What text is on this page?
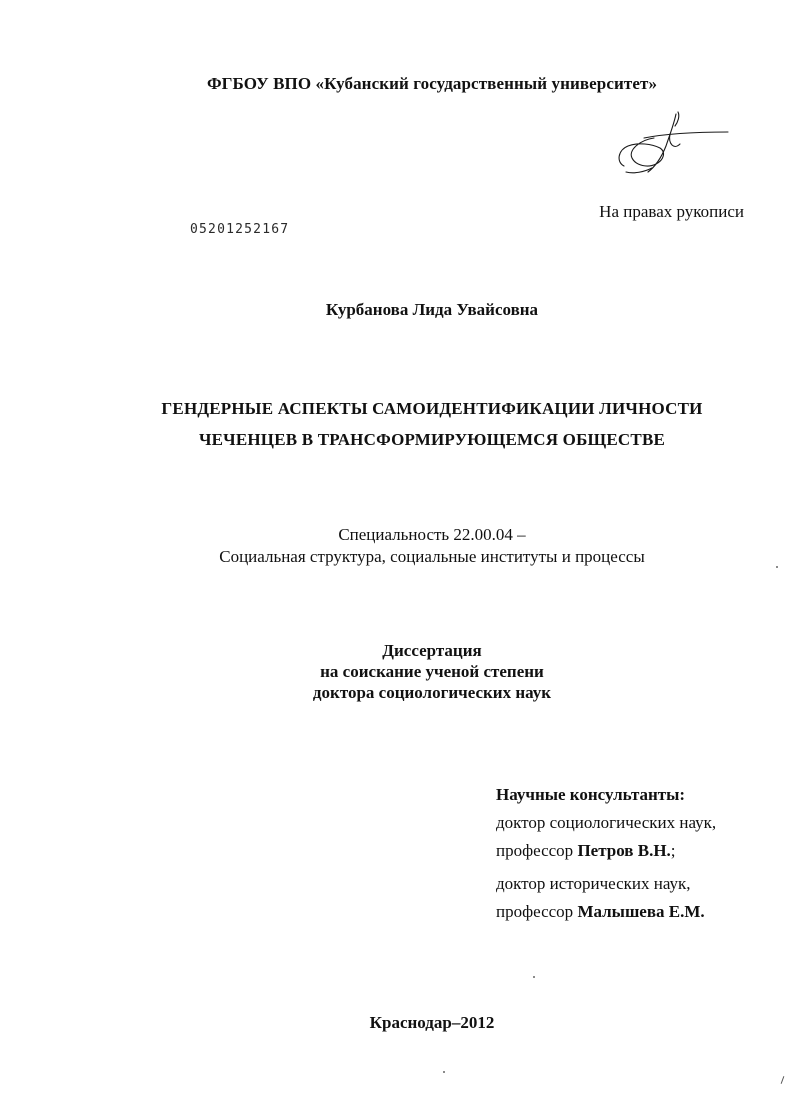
ФГБОУ ВПО «Кубанский государственный университет»
На правах рукописи
05201252167
Курбанова Лида Увайсовна
ГЕНДЕРНЫЕ АСПЕКТЫ САМОИДЕНТИФИКАЦИИ ЛИЧНОСТИ
ЧЕЧЕНЦЕВ В ТРАНСФОРМИРУЮЩЕМСЯ ОБЩЕСТВЕ
Специальность 22.00.04 –
Социальная структура, социальные институты и процессы
Диссертация
на соискание ученой степени
доктора социологических наук
Научные консультанты:
доктор социологических наук,
профессор Петров В.Н.;
доктор исторических наук,
профессор Малышева Е.М.
Краснодар–2012
